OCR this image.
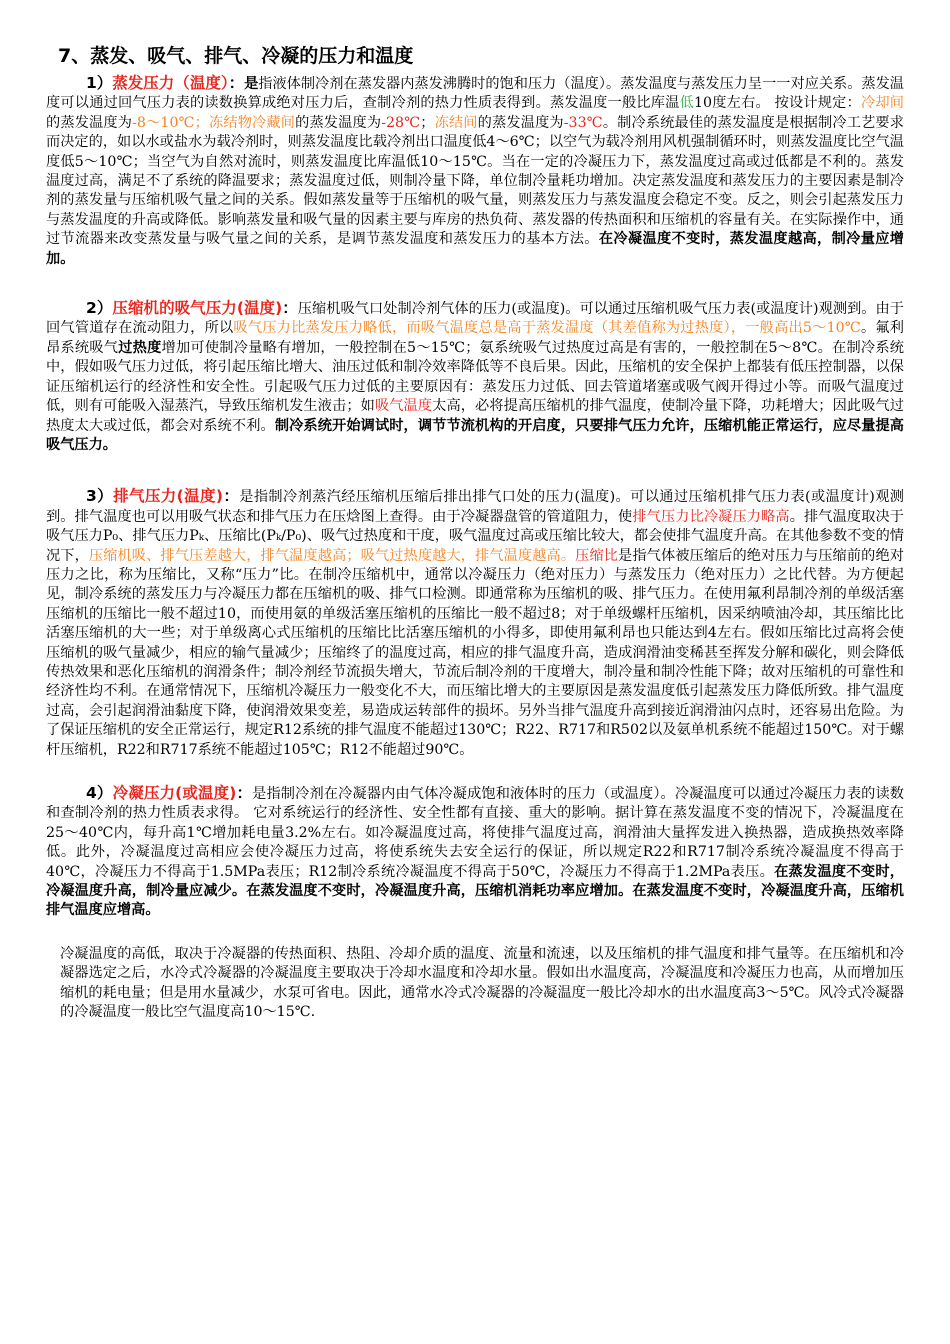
7、蒸发、吸气、排气、冷凝的压力和温度

1）蒸发压力（温度）：是指液体制冷剂在蒸发器内蒸发沸腾时的饱和压力（温度）。蒸发温度与蒸发压力呈一一对应关系。蒸发温度可以通过回气压力表的读数换算成绝对压力后，查制冷剂的热力性质表得到。蒸发温度一般比库温低10度左右。 按设计规定：冷却间的蒸发温度为-8～10℃；冻结物冷藏间的蒸发温度为-28℃；冻结间的蒸发温度为-33℃。制冷系统最佳的蒸发温度是根据制冷工艺要求而决定的，如以水或盐水为载冷剂时，则蒸发温度比载冷剂出口温度低4～6℃；以空气为载冷剂用风机强制循环时，则蒸发温度比空气温度低5～10℃；当空气为自然对流时，则蒸发温度比库温低10～15℃。当在一定的冷凝压力下，蒸发温度过高或过低都是不利的。蒸发温度过高，满足不了系统的降温要求；蒸发温度过低，则制冷量下降，单位制冷量耗功增加。决定蒸发温度和蒸发压力的主要因素是制冷剂的蒸发量与压缩机吸气量之间的关系。假如蒸发量等于压缩机的吸气量，则蒸发压力与蒸发温度会稳定不变。反之，则会引起蒸发压力与蒸发温度的升高或降低。影响蒸发量和吸气量的因素主要与库房的热负荷、蒸发器的传热面积和压缩机的容量有关。在实际操作中，通过节流器来改变蒸发量与吸气量之间的关系，是调节蒸发温度和蒸发压力的基本方法。在冷凝温度不变时，蒸发温度越高，制冷量应增加。

2）压缩机的吸气压力(温度)：压缩机吸气口处制冷剂气体的压力(或温度)。可以通过压缩机吸气压力表(或温度计)观测到。由于回气管道存在流动阻力，所以吸气压力比蒸发压力略低，而吸气温度总是高于蒸发温度（其差值称为过热度），一般高出5～10℃。氟利昂系统吸气过热度增加可使制冷量略有增加，一般控制在5～15℃；氨系统吸气过热度过高是有害的，一般控制在5～8℃。在制冷系统中，假如吸气压力过低，将引起压缩比增大、油压过低和制冷效率降低等不良后果。因此，压缩机的安全保护上都装有低压控制器，以保证压缩机运行的经济性和安全性。引起吸气压力过低的主要原因有：蒸发压力过低、回去管道堵塞或吸气阀开得过小等。而吸气温度过低，则有可能吸入湿蒸汽，导致压缩机发生液击；如吸气温度太高，必将提高压缩机的排气温度，使制冷量下降，功耗增大；因此吸气过热度太大或过低，都会对系统不利。制冷系统开始调试时，调节节流机构的开启度，只要排气压力允许，压缩机能正常运行，应尽量提高吸气压力。

3）排气压力(温度)：是指制冷剂蒸汽经压缩机压缩后排出排气口处的压力(温度)。可以通过压缩机排气压力表(或温度计)观测到。排气温度也可以用吸气状态和排气压力在压焓图上查得。由于冷凝器盘管的管道阻力，使排气压力比冷凝压力略高。排气温度取决于吸气压力P₀、排气压力Pₖ、压缩比(Pₖ/P₀)、吸气过热度和干度，吸气温度过高或压缩比较大，都会使排气温度升高。在其他参数不变的情况下，压缩机吸、排气压差越大，排气温度越高；吸气过热度越大，排气温度越高。压缩比是指气体被压缩后的绝对压力与压缩前的绝对压力之比，称为压缩比，又称“压力”比。在制冷压缩机中，通常以冷凝压力（绝对压力）与蒸发压力（绝对压力）之比代替。为方便起见，制冷系统的蒸发压力与冷凝压力都在压缩机的吸、排气口检测。即通常称为压缩机的吸、排气压力。在使用氟利昂制冷剂的单级活塞压缩机的压缩比一般不超过10，而使用氨的单级活塞压缩机的压缩比一般不超过8；对于单级螺杆压缩机，因采纳喷油冷却，其压缩比比活塞压缩机的大一些；对于单级离心式压缩机的压缩比比活塞压缩机的小得多，即使用氟利昂也只能达到4左右。假如压缩比过高将会使压缩机的吸气量减少，相应的输气量减少；压缩终了的温度过高，相应的排气温度升高，造成润滑油变稀甚至挥发分解和碳化，则会降低传热效果和恶化压缩机的润滑条件；制冷剂经节流损失增大，节流后制冷剂的干度增大，制冷量和制冷性能下降；故对压缩机的可靠性和经济性均不利。在通常情况下，压缩机冷凝压力一般变化不大，而压缩比增大的主要原因是蒸发温度低引起蒸发压力降低所致。排气温度过高，会引起润滑油黏度下降，使润滑效果变差，易造成运转部件的损坏。另外当排气温度升高到接近润滑油闪点时，还容易出危险。为了保证压缩机的安全正常运行，规定R12系统的排气温度不能超过130℃；R22、R717和R502以及氨单机系统不能超过150℃。对于螺杆压缩机，R22和R717系统不能超过105℃；R12不能超过90℃。

4）冷凝压力(或温度)：是指制冷剂在冷凝器内由气体冷凝成饱和液体时的压力（或温度）。冷凝温度可以通过冷凝压力表的读数和查制冷剂的热力性质表求得。 它对系统运行的经济性、安全性都有直接、重大的影响。据计算在蒸发温度不变的情况下，冷凝温度在25～40℃内，每升高1℃增加耗电量3.2%左右。如冷凝温度过高，将使排气温度过高，润滑油大量挥发进入换热器，造成换热效率降低。此外，冷凝温度过高相应会使冷凝压力过高，将使系统失去安全运行的保证，所以规定R22和R717制冷系统冷凝温度不得高于40℃，冷凝压力不得高于1.5MPa表压；R12制冷系统冷凝温度不得高于50℃，冷凝压力不得高于1.2MPa表压。在蒸发温度不变时，冷凝温度升高，制冷量应减少。在蒸发温度不变时，冷凝温度升高，压缩机消耗功率应增加。在蒸发温度不变时，冷凝温度升高，压缩机排气温度应增高。

冷凝温度的高低，取决于冷凝器的传热面积、热阻、冷却介质的温度、流量和流速，以及压缩机的排气温度和排气量等。在压缩机和冷凝器选定之后，水冷式冷凝器的冷凝温度主要取决于冷却水温度和冷却水量。假如出水温度高，冷凝温度和冷凝压力也高，从而增加压缩机的耗电量；但是用水量减少，水泵可省电。因此，通常水冷式冷凝器的冷凝温度一般比冷却水的出水温度高3～5℃。风冷式冷凝器的冷凝温度一般比空气温度高10～15℃.
